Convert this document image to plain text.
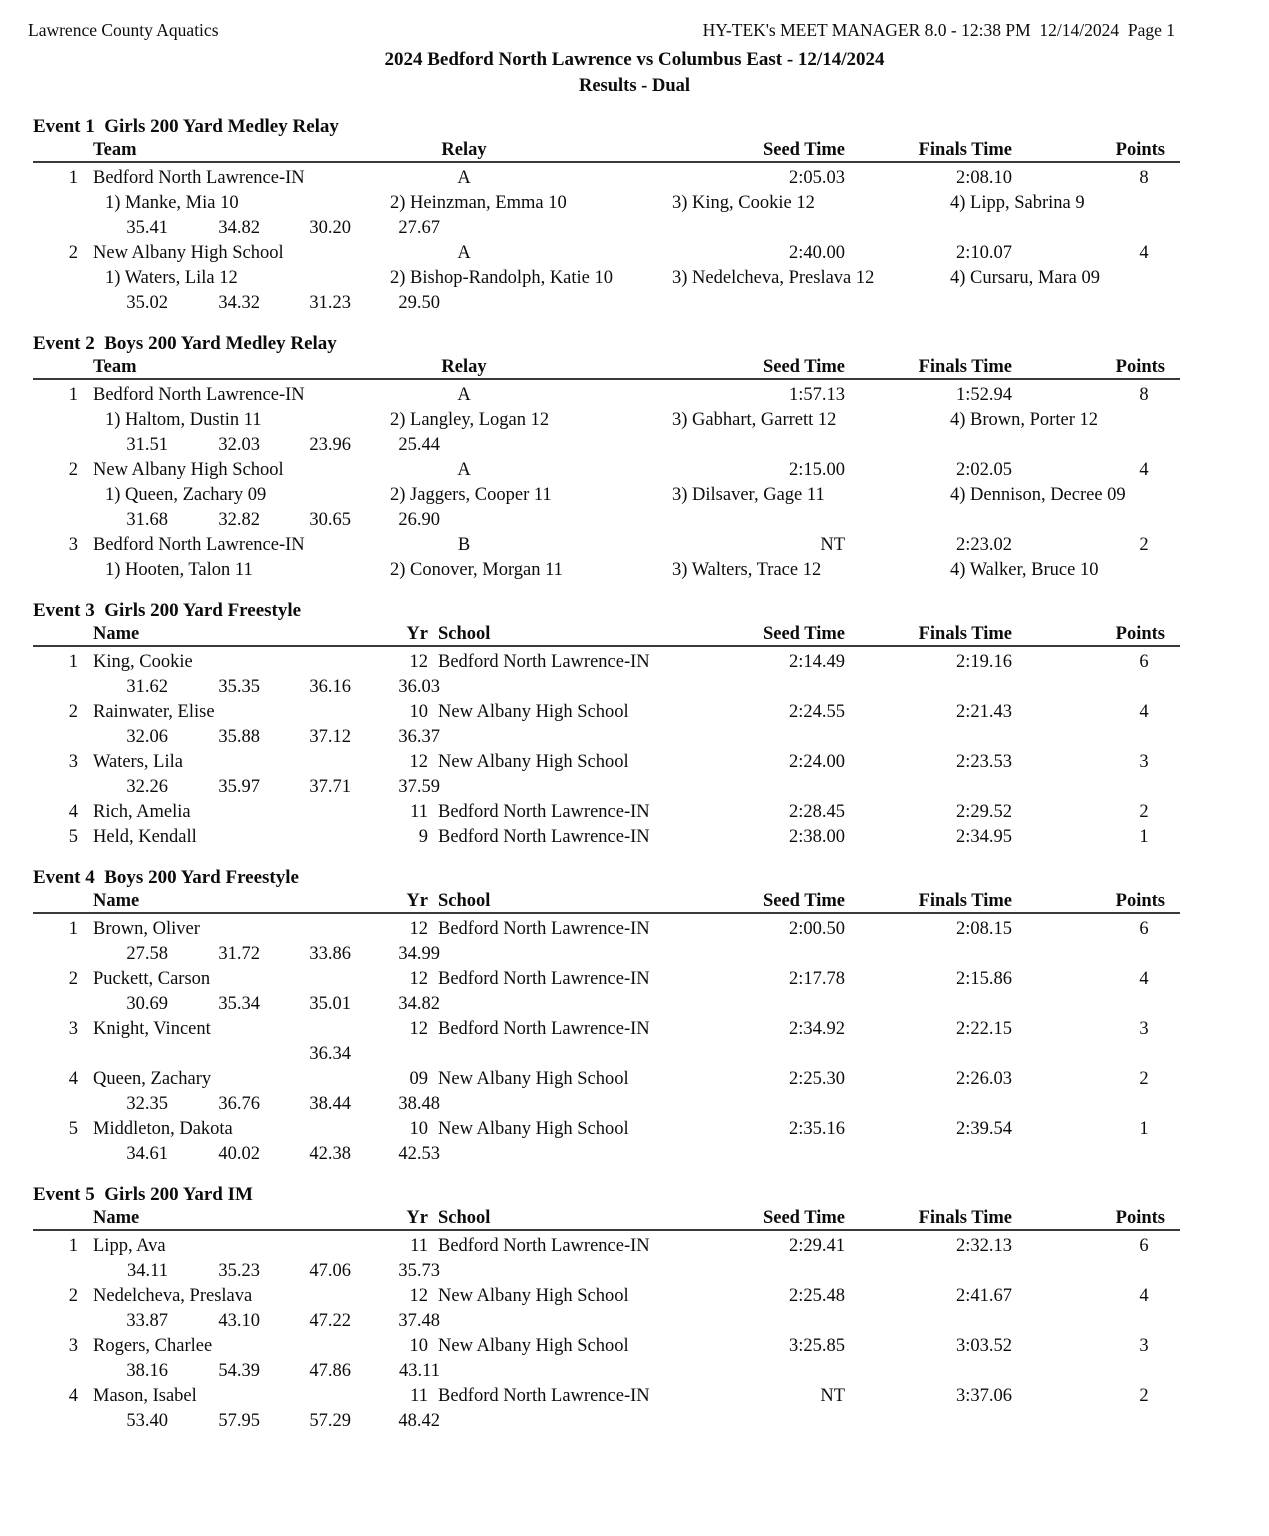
Lawrence County Aquatics	HY-TEK's MEET MANAGER 8.0 - 12:38 PM  12/14/2024  Page 1
2024 Bedford North Lawrence vs Columbus East - 12/14/2024
Results - Dual
Event 1  Girls 200 Yard Medley Relay
Team	Relay	Seed Time	Finals Time	Points
1 Bedford North Lawrence-IN	A	2:05.03	2:08.10	8
1) Manke, Mia 10	2) Heinzman, Emma 10	3) King, Cookie 12	4) Lipp, Sabrina 9
35.41	34.82	30.20	27.67
2 New Albany High School	A	2:40.00	2:10.07	4
1) Waters, Lila 12	2) Bishop-Randolph, Katie 10	3) Nedelcheva, Preslava 12	4) Cursaru, Mara 09
35.02	34.32	31.23	29.50
Event 2  Boys 200 Yard Medley Relay
Team	Relay	Seed Time	Finals Time	Points
1 Bedford North Lawrence-IN	A	1:57.13	1:52.94	8
1) Haltom, Dustin 11	2) Langley, Logan 12	3) Gabhart, Garrett 12	4) Brown, Porter 12
31.51	32.03	23.96	25.44
2 New Albany High School	A	2:15.00	2:02.05	4
1) Queen, Zachary 09	2) Jaggers, Cooper 11	3) Dilsaver, Gage 11	4) Dennison, Decree 09
31.68	32.82	30.65	26.90
3 Bedford North Lawrence-IN	B	NT	2:23.02	2
1) Hooten, Talon 11	2) Conover, Morgan 11	3) Walters, Trace 12	4) Walker, Bruce 10
Event 3  Girls 200 Yard Freestyle
Name	Yr School	Seed Time	Finals Time	Points
1 King, Cookie	12 Bedford North Lawrence-IN	2:14.49	2:19.16	6
31.62	35.35	36.16	36.03
2 Rainwater, Elise	10 New Albany High School	2:24.55	2:21.43	4
32.06	35.88	37.12	36.37
3 Waters, Lila	12 New Albany High School	2:24.00	2:23.53	3
32.26	35.97	37.71	37.59
4 Rich, Amelia	11 Bedford North Lawrence-IN	2:28.45	2:29.52	2
5 Held, Kendall	9 Bedford North Lawrence-IN	2:38.00	2:34.95	1
Event 4  Boys 200 Yard Freestyle
Name	Yr School	Seed Time	Finals Time	Points
1 Brown, Oliver	12 Bedford North Lawrence-IN	2:00.50	2:08.15	6
27.58	31.72	33.86	34.99
2 Puckett, Carson	12 Bedford North Lawrence-IN	2:17.78	2:15.86	4
30.69	35.34	35.01	34.82
3 Knight, Vincent	12 Bedford North Lawrence-IN	2:34.92	2:22.15	3
36.34
4 Queen, Zachary	09 New Albany High School	2:25.30	2:26.03	2
32.35	36.76	38.44	38.48
5 Middleton, Dakota	10 New Albany High School	2:35.16	2:39.54	1
34.61	40.02	42.38	42.53
Event 5  Girls 200 Yard IM
Name	Yr School	Seed Time	Finals Time	Points
1 Lipp, Ava	11 Bedford North Lawrence-IN	2:29.41	2:32.13	6
34.11	35.23	47.06	35.73
2 Nedelcheva, Preslava	12 New Albany High School	2:25.48	2:41.67	4
33.87	43.10	47.22	37.48
3 Rogers, Charlee	10 New Albany High School	3:25.85	3:03.52	3
38.16	54.39	47.86	43.11
4 Mason, Isabel	11 Bedford North Lawrence-IN	NT	3:37.06	2
53.40	57.95	57.29	48.42
